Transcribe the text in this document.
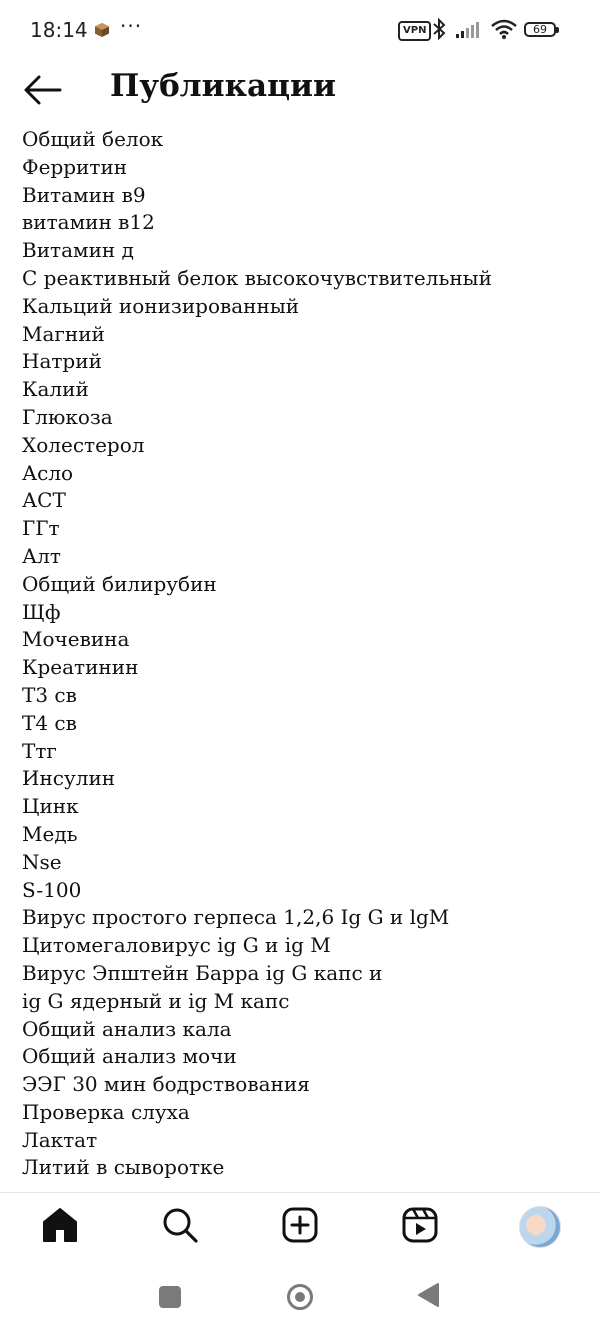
18:14 ···	VPN	69
Публикации
Общий белок
Ферритин
Витамин в9
витамин в12
Витамин д
С реактивный белок высокочувствительный
Кальций ионизированный
Магний
Натрий
Калий
Глюкоза
Холестерол
Асло
АСТ
ГГт
Алт
Общий билирубин
Щф
Мочевина
Креатинин
Т3 св
Т4 св
Ттг
Инсулин
Цинк
Медь
Nse
S-100
Вирус простого герпеса 1,2,6 Ig G и lgM
Цитомегаловирус ig G и ig M
Вирус Эпштейн Барра ig G капс и
ig G ядерный и ig M капс
Общий анализ кала
Общий анализ мочи
ЭЭГ 30 мин бодрствования
Проверка слуха
Лактат
Литий в сыворотке
